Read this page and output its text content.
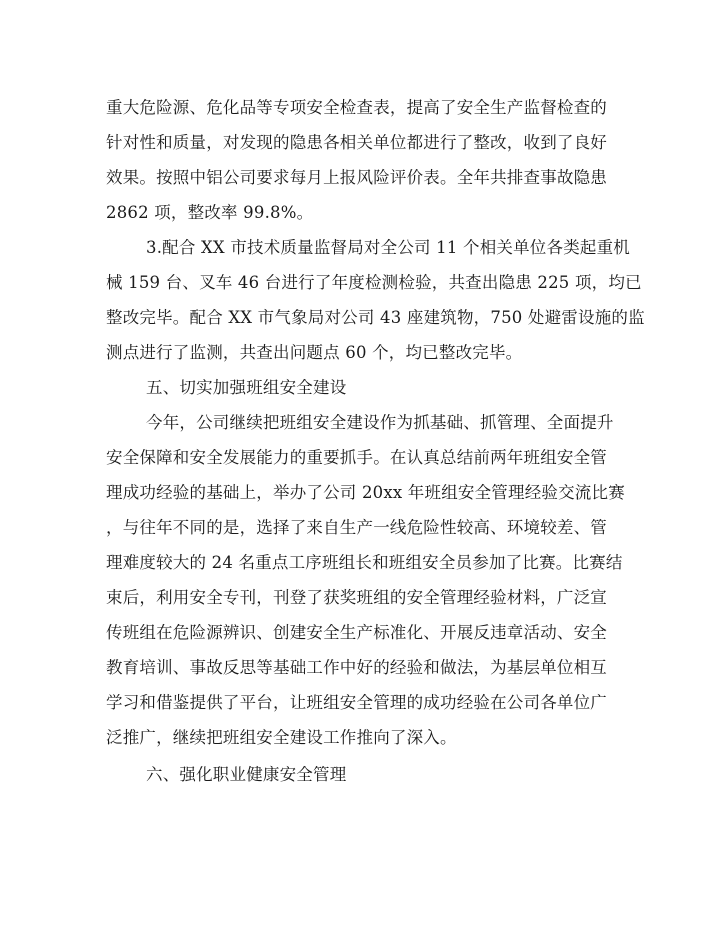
重大危险源、危化品等专项安全检查表，提高了安全生产监督检查的
针对性和质量，对发现的隐患各相关单位都进行了整改，收到了良好
效果。按照中铝公司要求每月上报风险评价表。全年共排查事故隐患
2862 项，整改率 99.8%。
3.配合 XX 市技术质量监督局对全公司 11 个相关单位各类起重机
械 159 台、叉车 46 台进行了年度检测检验，共查出隐患 225 项，均已
整改完毕。配合 XX 市气象局对公司 43 座建筑物，750 处避雷设施的监
测点进行了监测，共查出问题点 60 个，均已整改完毕。
五、切实加强班组安全建设
今年，公司继续把班组安全建设作为抓基础、抓管理、全面提升
安全保障和安全发展能力的重要抓手。在认真总结前两年班组安全管
理成功经验的基础上，举办了公司 20xx 年班组安全管理经验交流比赛
，与往年不同的是，选择了来自生产一线危险性较高、环境较差、管
理难度较大的 24 名重点工序班组长和班组安全员参加了比赛。比赛结
束后，利用安全专刊，刊登了获奖班组的安全管理经验材料，广泛宣
传班组在危险源辨识、创建安全生产标准化、开展反违章活动、安全
教育培训、事故反思等基础工作中好的经验和做法，为基层单位相互
学习和借鉴提供了平台，让班组安全管理的成功经验在公司各单位广
泛推广，继续把班组安全建设工作推向了深入。
六、强化职业健康安全管理
